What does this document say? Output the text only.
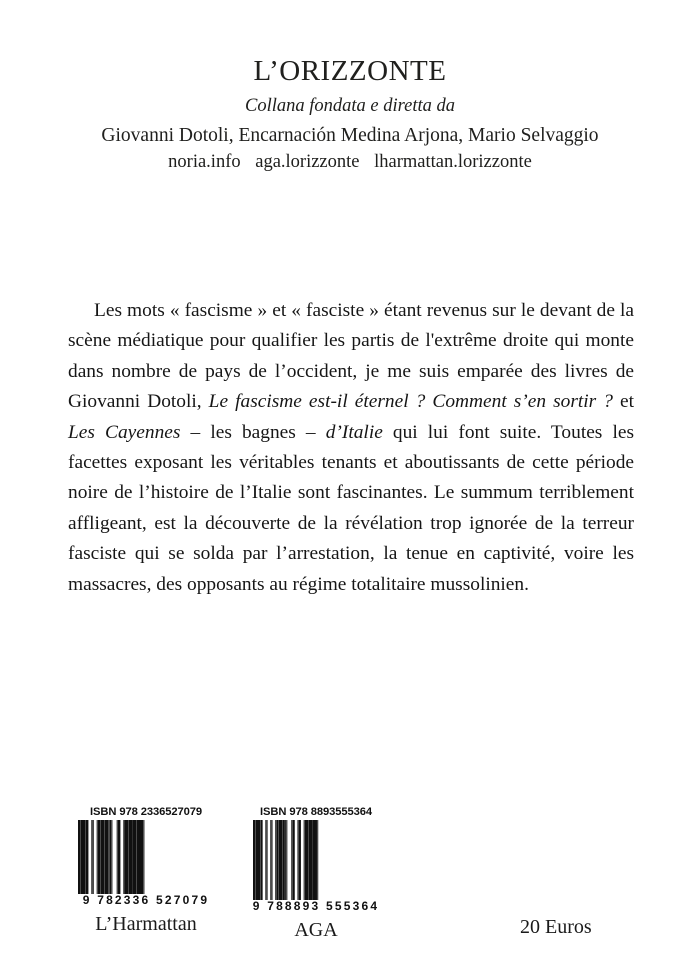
L’ORIZZONTE
Collana fondata e diretta da
Giovanni Dotoli, Encarnación Medina Arjona, Mario Selvaggio
noria.info aga.lorizzonte lharmattan.lorizzonte

Les mots « fascisme » et « fasciste » étant revenus sur le devant de la scène médiatique pour qualifier les partis de l'extrême droite qui monte dans nombre de pays de l’occident, je me suis emparée des livres de Giovanni Dotoli, Le fascisme est-il éternel ? Comment s’en sortir ? et Les Cayennes – les bagnes – d’Italie qui lui font suite. Toutes les facettes exposant les véritables tenants et aboutissants de cette période noire de l’histoire de l’Italie sont fascinantes. Le summum terriblement affligeant, est la découverte de la révélation trop ignorée de la terreur fasciste qui se solda par l’arrestation, la tenue en captivité, voire les massacres, des opposants au régime totalitaire mussolinien.

ISBN 978 2336527079
9 782336 527079
L’Harmattan
ISBN 978 8893555364
9 788893 555364
AGA	20 Euros
